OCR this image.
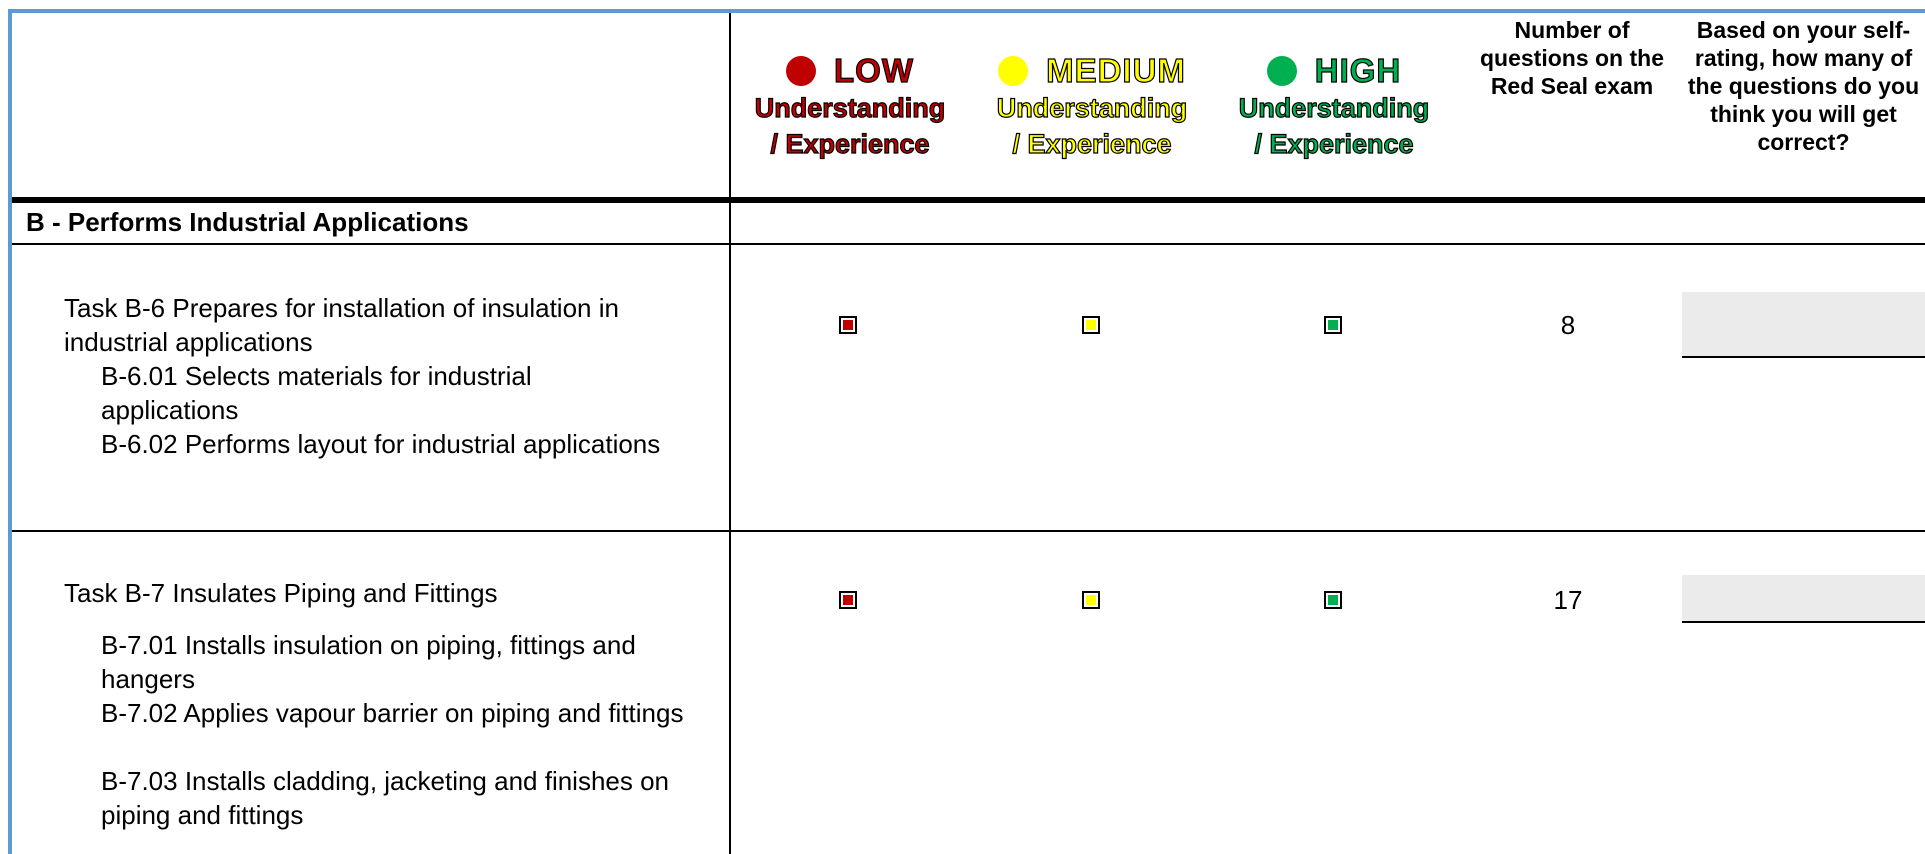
LOW
Understanding
/ Experience
MEDIUM
Understanding
/ Experience
HIGH
Understanding
/ Experience
Number of questions on the Red Seal exam
Based on your self-rating, how many of the questions do you think you will get correct?
B - Performs Industrial Applications
Task B-6 Prepares for installation of insulation in industrial applications
B-6.01 Selects materials for industrial applications
B-6.02 Performs layout for industrial applications
8
Task B-7 Insulates Piping and Fittings
B-7.01 Installs insulation on piping, fittings and hangers
B-7.02 Applies vapour barrier on piping and fittings
B-7.03 Installs cladding, jacketing and finishes on piping and fittings
17
